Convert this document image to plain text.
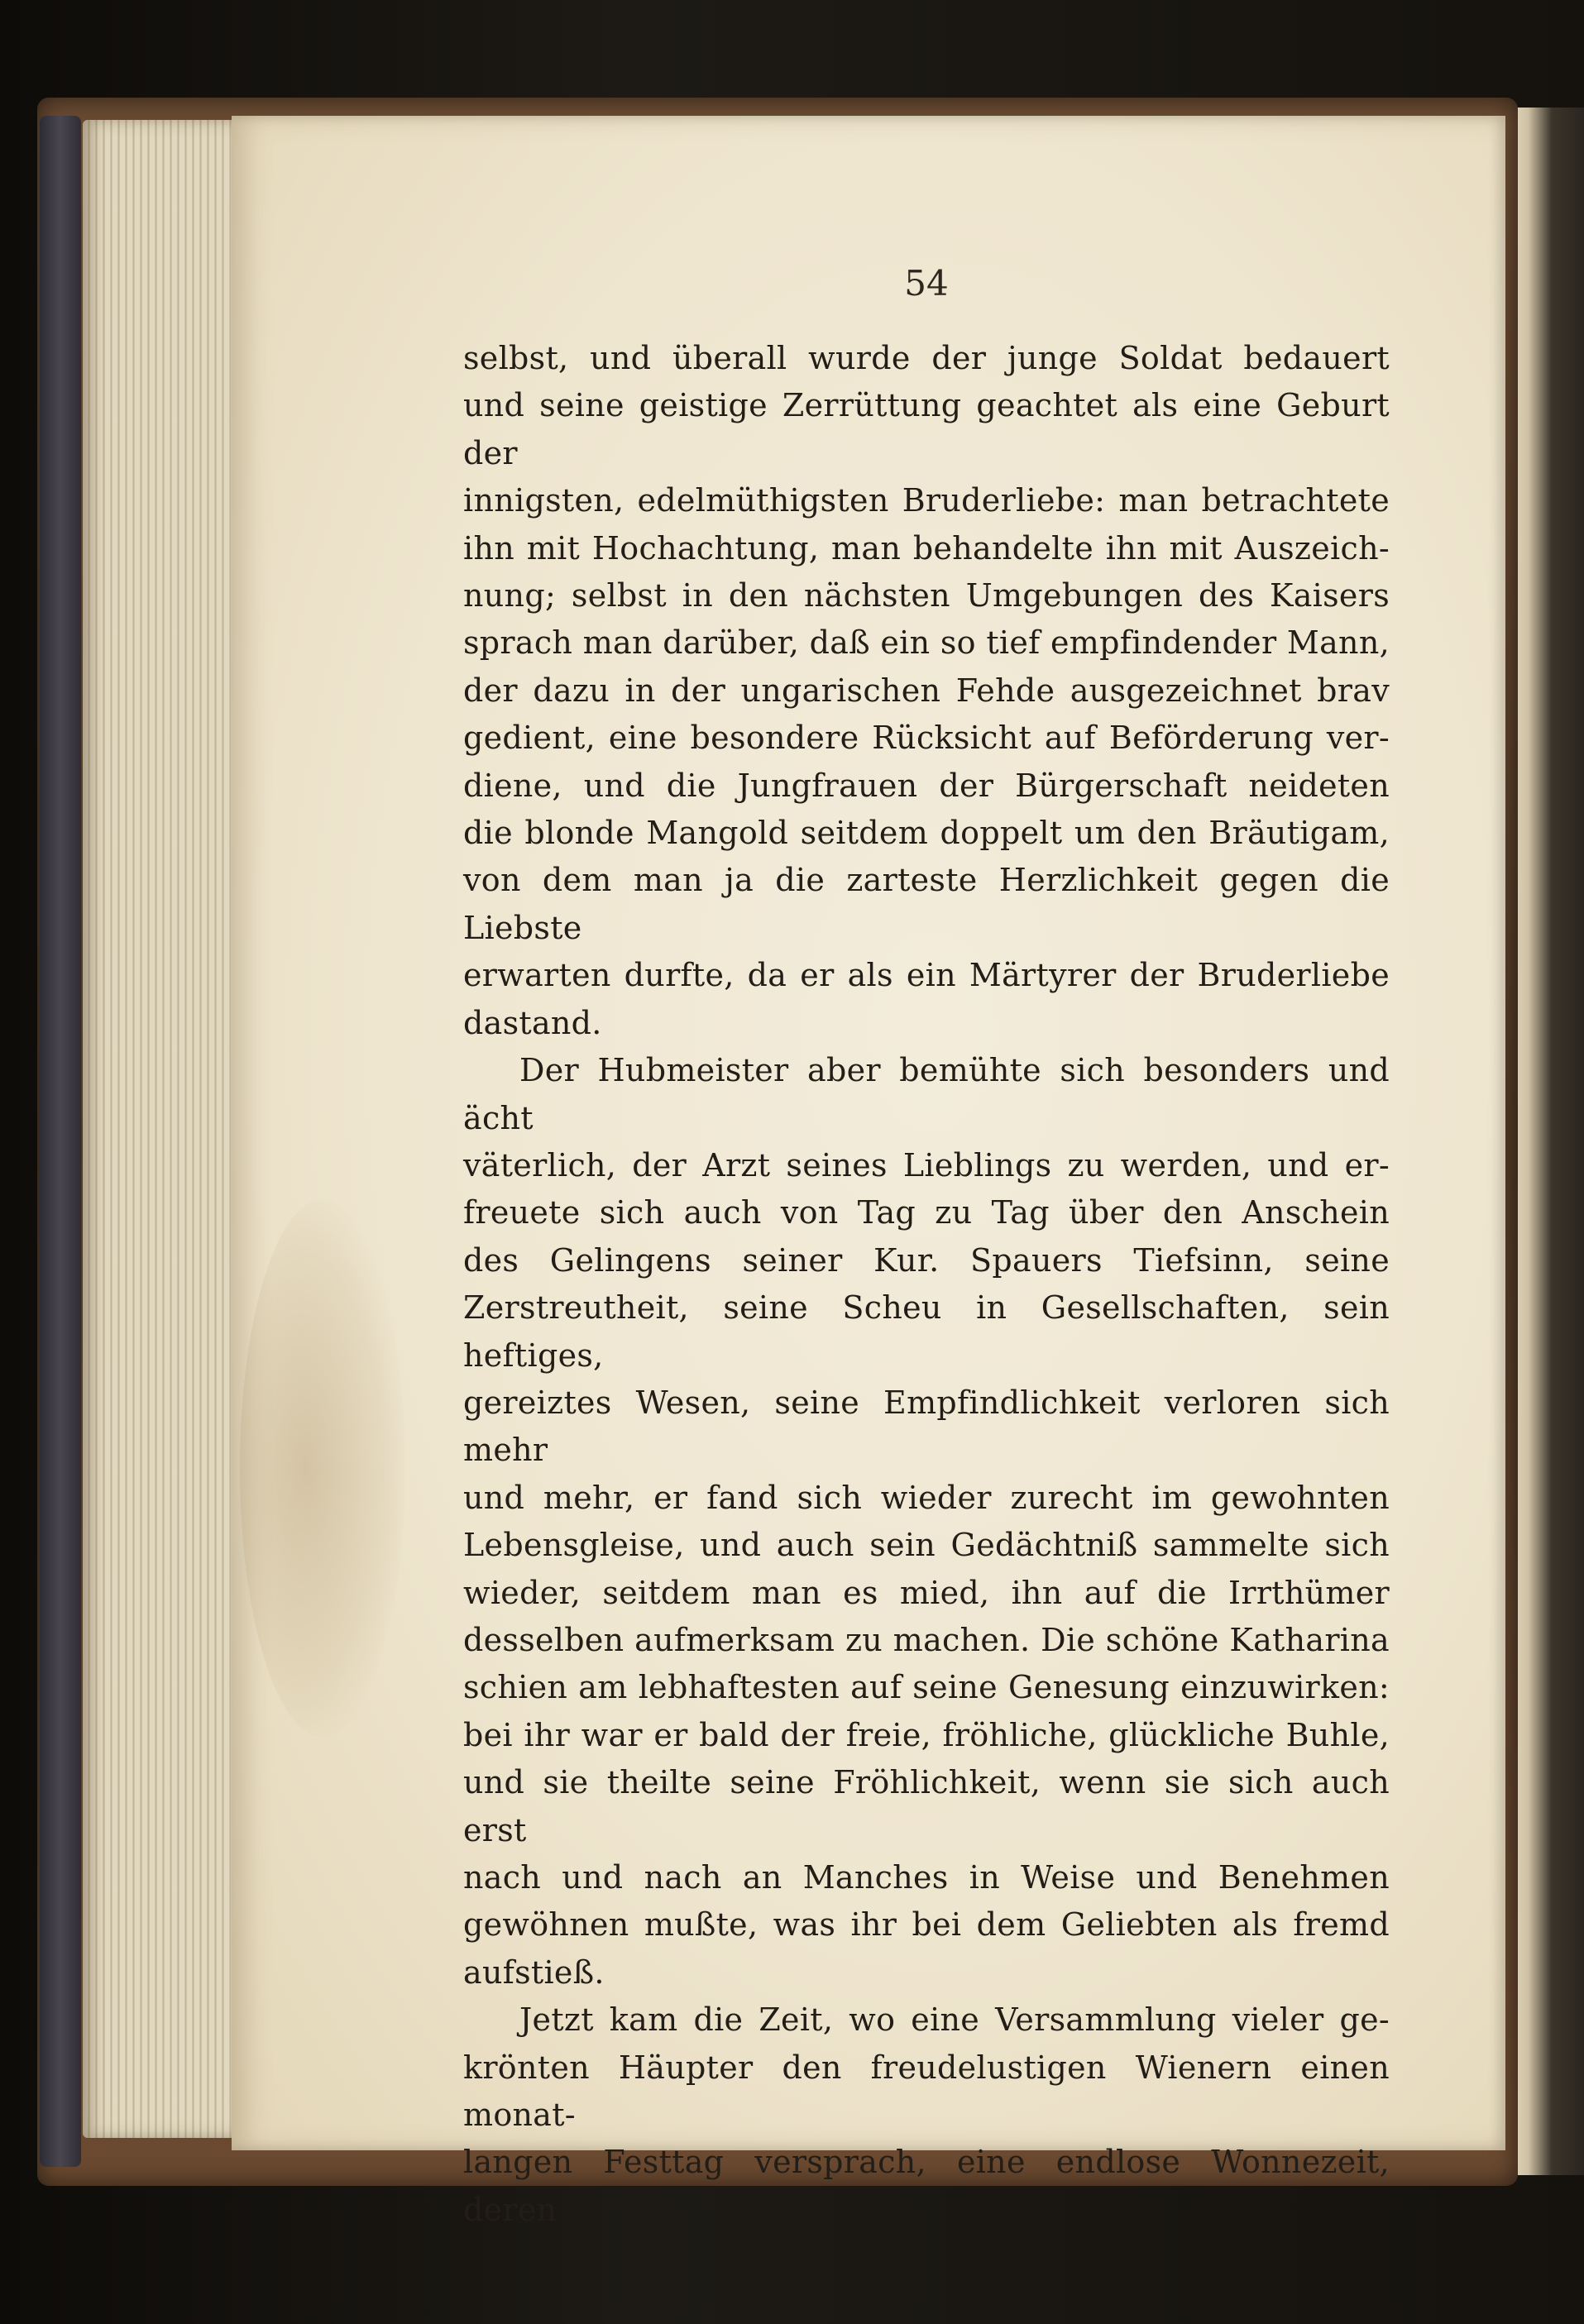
54

selbst, und überall wurde der junge Soldat bedauert

und seine geistige Zerrüttung geachtet als eine Geburt der

innigsten, edelmüthigsten Bruderliebe: man betrachtete

ihn mit Hochachtung, man behandelte ihn mit Auszeich-

nung; selbst in den nächsten Umgebungen des Kaisers

sprach man darüber, daß ein so tief empfindender Mann,

der dazu in der ungarischen Fehde ausgezeichnet brav

gedient, eine besondere Rücksicht auf Beförderung ver-

diene, und die Jungfrauen der Bürgerschaft neideten

die blonde Mangold seitdem doppelt um den Bräutigam,

von dem man ja die zarteste Herzlichkeit gegen die Liebste

erwarten durfte, da er als ein Märtyrer der Bruderliebe

dastand.

Der Hubmeister aber bemühte sich besonders und ächt

väterlich, der Arzt seines Lieblings zu werden, und er-

freuete sich auch von Tag zu Tag über den Anschein

des Gelingens seiner Kur. Spauers Tiefsinn, seine

Zerstreutheit, seine Scheu in Gesellschaften, sein heftiges,

gereiztes Wesen, seine Empfindlichkeit verloren sich mehr

und mehr, er fand sich wieder zurecht im gewohnten

Lebensgleise, und auch sein Gedächtniß sammelte sich

wieder, seitdem man es mied, ihn auf die Irrthümer

desselben aufmerksam zu machen. Die schöne Katharina

schien am lebhaftesten auf seine Genesung einzuwirken:

bei ihr war er bald der freie, fröhliche, glückliche Buhle,

und sie theilte seine Fröhlichkeit, wenn sie sich auch erst

nach und nach an Manches in Weise und Benehmen

gewöhnen mußte, was ihr bei dem Geliebten als fremd

aufstieß.

Jetzt kam die Zeit, wo eine Versammlung vieler ge-

krönten Häupter den freudelustigen Wienern einen monat-

langen Festtag versprach, eine endlose Wonnezeit, deren
